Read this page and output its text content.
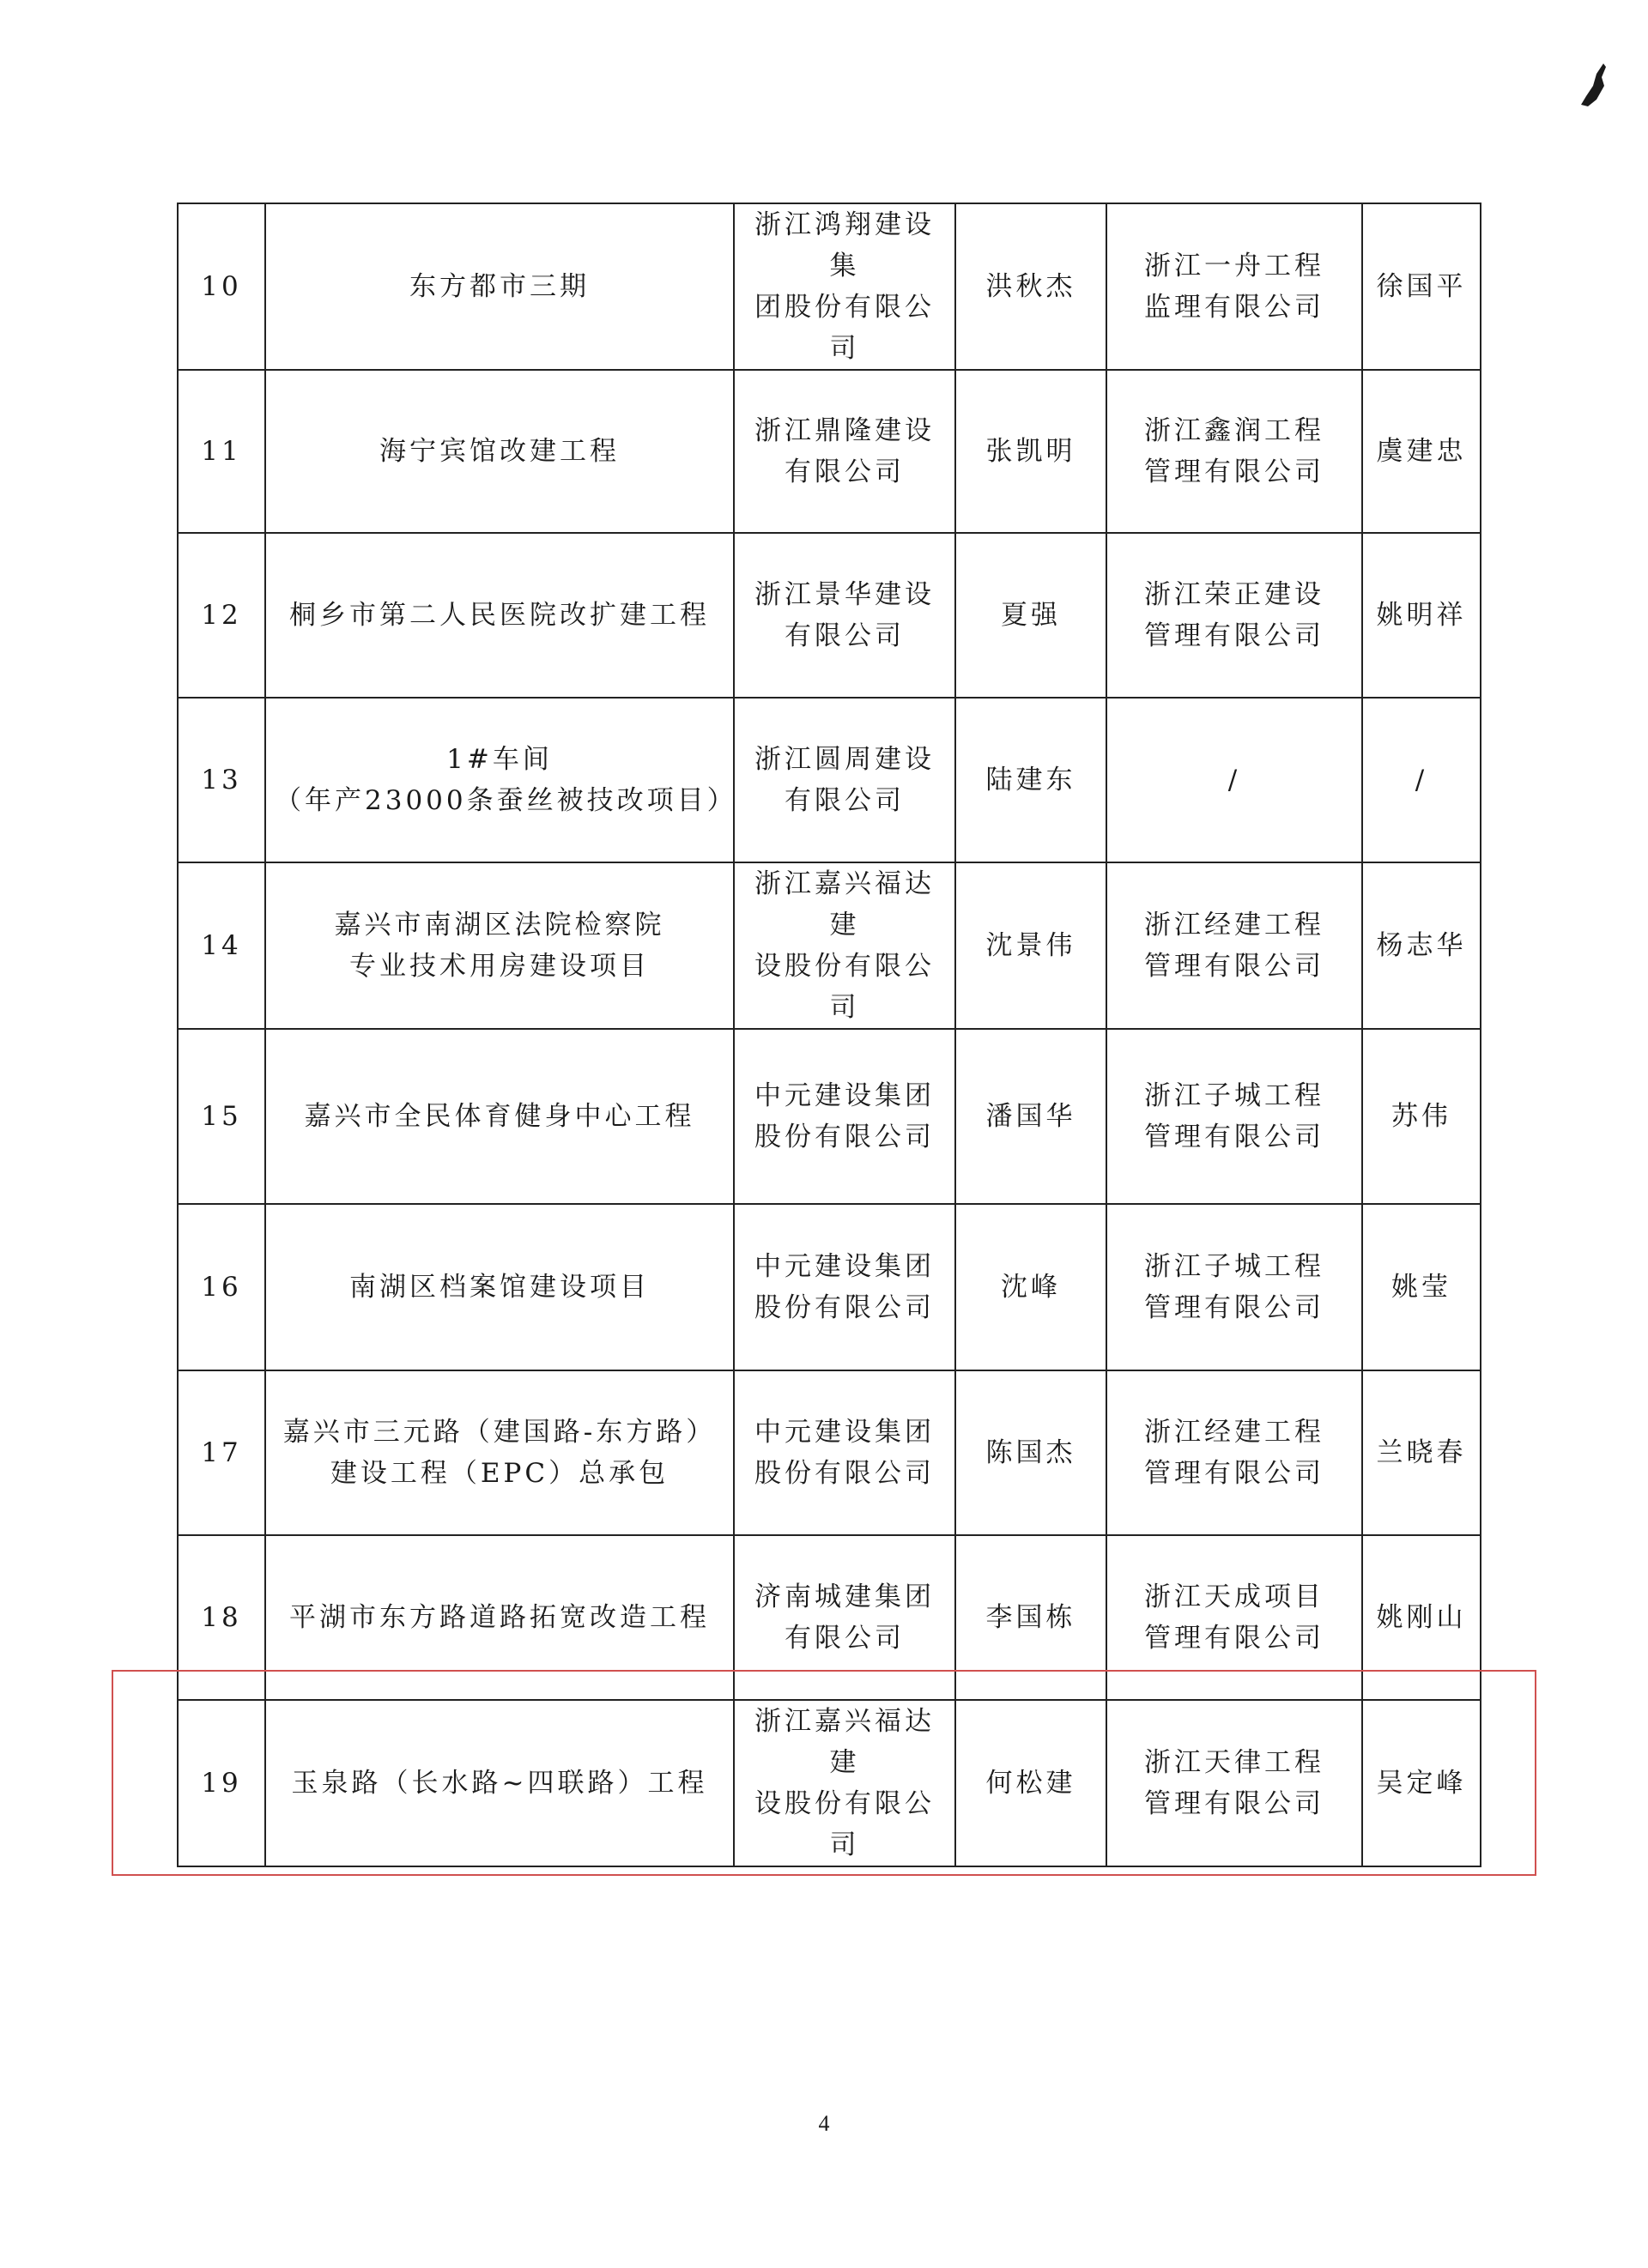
10	东方都市三期	浙江鸿翔建设集
团股份有限公司	洪秋杰	浙江一舟工程
监理有限公司	徐国平
11	海宁宾馆改建工程	浙江鼎隆建设
有限公司	张凯明	浙江鑫润工程
管理有限公司	虞建忠
12	桐乡市第二人民医院改扩建工程	浙江景华建设
有限公司	夏强	浙江荣正建设
管理有限公司	姚明祥
13	1#车间
（年产23000条蚕丝被技改项目）	浙江圆周建设
有限公司	陆建东	/	/
14	嘉兴市南湖区法院检察院
专业技术用房建设项目	浙江嘉兴福达建
设股份有限公司	沈景伟	浙江经建工程
管理有限公司	杨志华
15	嘉兴市全民体育健身中心工程	中元建设集团
股份有限公司	潘国华	浙江子城工程
管理有限公司	苏伟
16	南湖区档案馆建设项目	中元建设集团
股份有限公司	沈峰	浙江子城工程
管理有限公司	姚莹
17	嘉兴市三元路（建国路-东方路）
建设工程（EPC）总承包	中元建设集团
股份有限公司	陈国杰	浙江经建工程
管理有限公司	兰晓春
18	平湖市东方路道路拓宽改造工程	济南城建集团
有限公司	李国栋	浙江天成项目
管理有限公司	姚刚山
19	玉泉路（长水路~四联路）工程	浙江嘉兴福达建
设股份有限公司	何松建	浙江天律工程
管理有限公司	吴定峰
4
